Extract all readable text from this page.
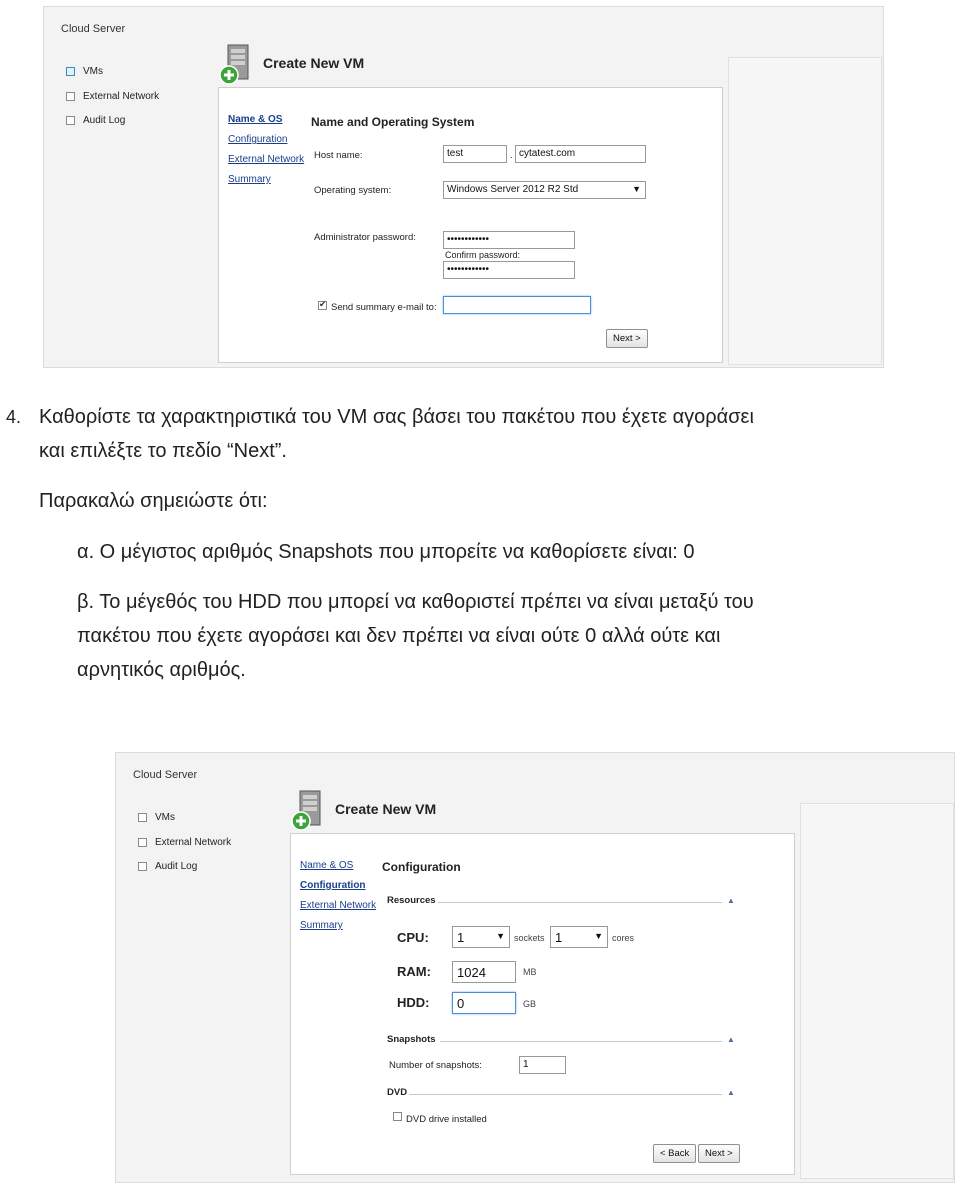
Cloud Server
VMs
External Network
Audit Log
Create New VM
Name & OS
Configuration
External Network
Summary
Name and Operating System
Host name:	test	. cytatest.com
Operating system:	Windows Server 2012 R2 Std	▼
Administrator password:	••••••••••••
Confirm password:
••••••••••••
✔
Send summary e-mail to:
Next >
4. Καθορίστε τα χαρακτηριστικά του VM σας βάσει του πακέτου που έχετε αγοράσει
και επιλέξτε το πεδίο “Next”.
Παρακαλώ σημειώστε ότι:
α. Ο μέγιστος αριθμός Snapshots που μπορείτε να καθορίσετε είναι: 0
β. Το μέγεθός του HDD που μπορεί να καθοριστεί πρέπει να είναι μεταξύ του
πακέτου που έχετε αγοράσει και δεν πρέπει να είναι ούτε 0 αλλά ούτε και
αρνητικός αριθμός.
Cloud Server
VMs
External Network
Audit Log
Create New VM
Name & OS
Configuration
External Network
Summary
Configuration
Resources	▲
CPU:	1	▼ sockets 1	▼ cores
RAM:	1024	MB
HDD:	0	GB
Snapshots	▲
Number of snapshots:	1
DVD	▲
DVD drive installed
< Back	Next >
